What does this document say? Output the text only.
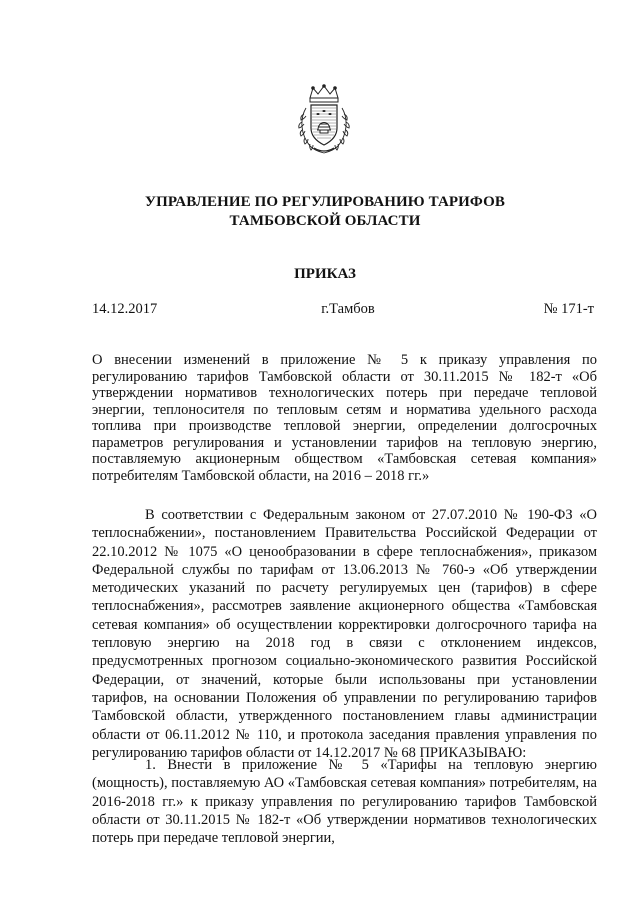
УПРАВЛЕНИЕ ПО РЕГУЛИРОВАНИЮ ТАРИФОВ
ТАМБОВСКОЙ ОБЛАСТИ
ПРИКАЗ
г.Тамбов
14.12.2017	№ 171-т
О внесении изменений в приложение № 5 к приказу управления по регулированию тарифов Тамбовской области от 30.11.2015 № 182-т «Об утверждении нормативов технологических потерь при передаче тепловой энергии, теплоносителя по тепловым сетям и норматива удельного расхода топлива при производстве тепловой энергии, определении долгосрочных параметров регулирования и установлении тарифов на тепловую энергию, поставляемую акционерным обществом «Тамбовская сетевая компания» потребителям Тамбовской области, на 2016 – 2018 гг.»
В соответствии с Федеральным законом от 27.07.2010 № 190-ФЗ «О теплоснабжении», постановлением Правительства Российской Федерации от 22.10.2012 № 1075 «О ценообразовании в сфере теплоснабжения», приказом Федеральной службы по тарифам от 13.06.2013 № 760-э «Об утверждении методических указаний по расчету регулируемых цен (тарифов) в сфере теплоснабжения», рассмотрев заявление акционерного общества «Тамбовская сетевая компания» об осуществлении корректировки долгосрочного тарифа на тепловую энергию на 2018 год в связи с отклонением индексов, предусмотренных прогнозом социально-экономического развития Российской Федерации, от значений, которые были использованы при установлении тарифов, на основании Положения об управлении по регулированию тарифов Тамбовской области, утвержденного постановлением главы администрации области от 06.11.2012 № 110, и протокола заседания правления управления по регулированию тарифов области от 14.12.2017 № 68 ПРИКАЗЫВАЮ:
1. Внести в приложение № 5 «Тарифы на тепловую энергию (мощность), поставляемую АО «Тамбовская сетевая компания» потребителям, на 2016-2018 гг.» к приказу управления по регулированию тарифов Тамбовской области от 30.11.2015 № 182-т «Об утверждении нормативов технологических потерь при передаче тепловой энергии,
